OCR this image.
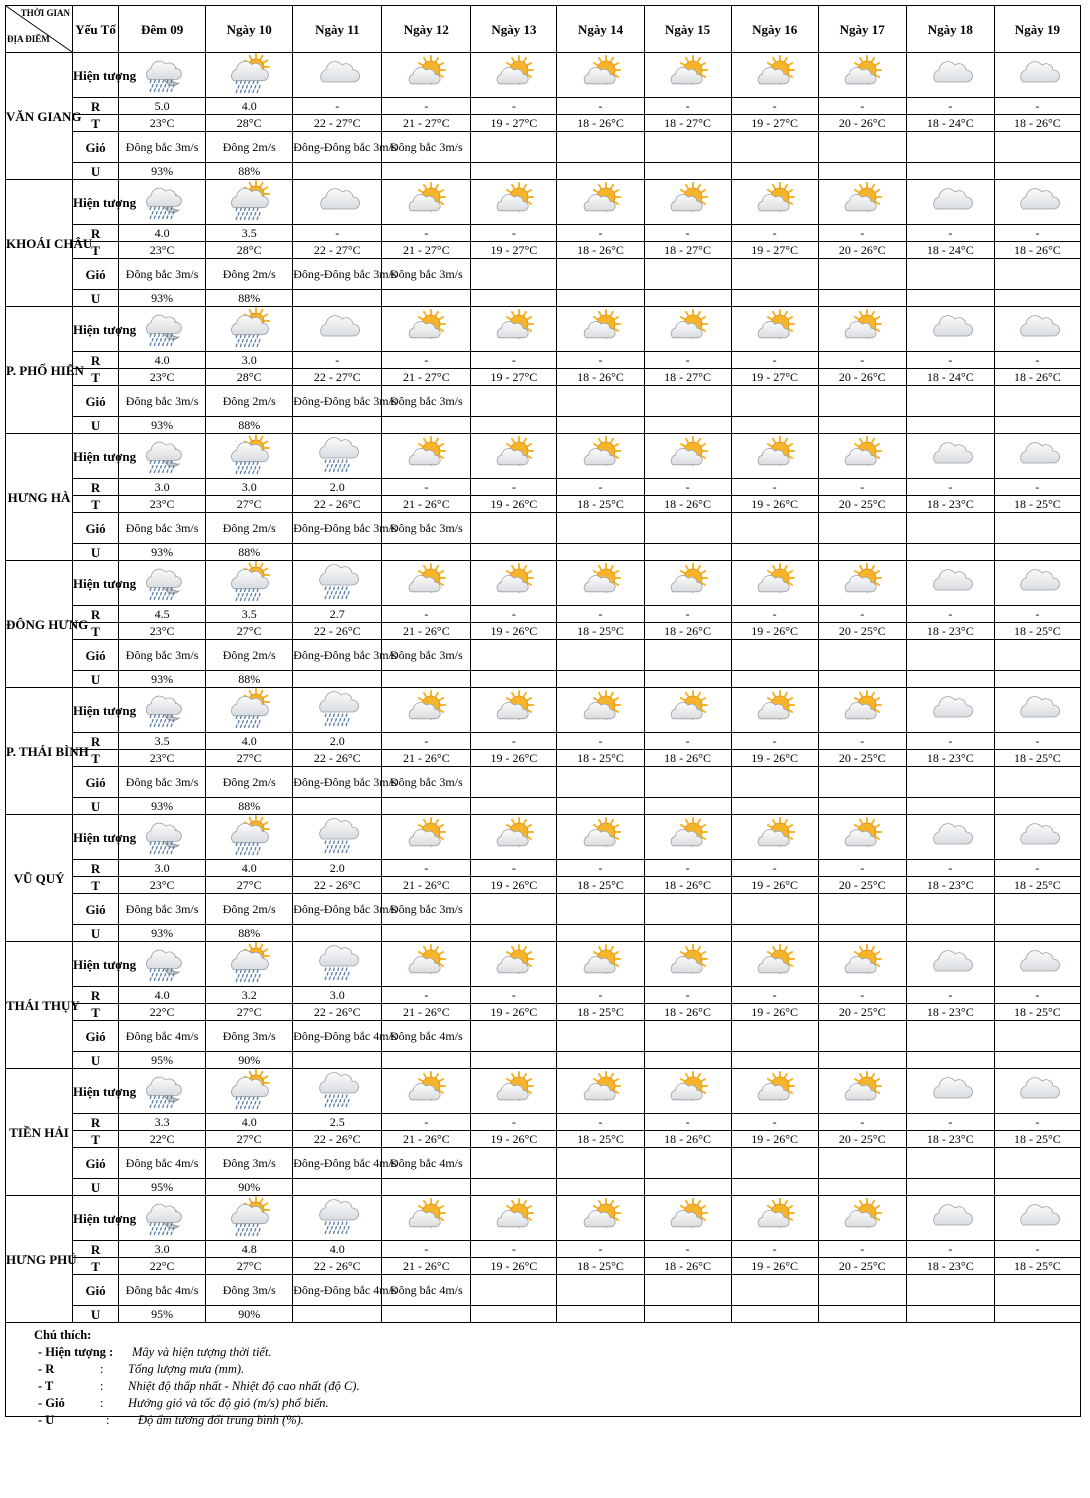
THỜI GIAN
ĐỊA ĐIỂM	Yếu Tố	Đêm 09	Ngày 10	Ngày 11	Ngày 12	Ngày 13	Ngày 14	Ngày 15	Ngày 16	Ngày 17	Ngày 18	Ngày 19
VĂN GIANG	Hiện tượng											
	R	5.0	4.0	-	-	-	-	-	-	-	-	-
	T	23°C	28°C	22 - 27°C	21 - 27°C	19 - 27°C	18 - 26°C	18 - 27°C	19 - 27°C	20 - 26°C	18 - 24°C	18 - 26°C
	Gió	Đông bắc 3m/s	Đông 2m/s	Đông-Đông bắc 3m/s	Đông bắc 3m/s							
	U	93%	88%									
KHOÁI CHÂU	Hiện tượng											
	R	4.0	3.5	-	-	-	-	-	-	-	-	-
	T	23°C	28°C	22 - 27°C	21 - 27°C	19 - 27°C	18 - 26°C	18 - 27°C	19 - 27°C	20 - 26°C	18 - 24°C	18 - 26°C
	Gió	Đông bắc 3m/s	Đông 2m/s	Đông-Đông bắc 3m/s	Đông bắc 3m/s							
	U	93%	88%									
P. PHỐ HIẾN	Hiện tượng											
	R	4.0	3.0	-	-	-	-	-	-	-	-	-
	T	23°C	28°C	22 - 27°C	21 - 27°C	19 - 27°C	18 - 26°C	18 - 27°C	19 - 27°C	20 - 26°C	18 - 24°C	18 - 26°C
	Gió	Đông bắc 3m/s	Đông 2m/s	Đông-Đông bắc 3m/s	Đông bắc 3m/s							
	U	93%	88%									
HƯNG HÀ	Hiện tượng											
	R	3.0	3.0	2.0	-	-	-	-	-	-	-	-
	T	23°C	27°C	22 - 26°C	21 - 26°C	19 - 26°C	18 - 25°C	18 - 26°C	19 - 26°C	20 - 25°C	18 - 23°C	18 - 25°C
	Gió	Đông bắc 3m/s	Đông 2m/s	Đông-Đông bắc 3m/s	Đông bắc 3m/s							
	U	93%	88%									
ĐÔNG HƯNG	Hiện tượng											
	R	4.5	3.5	2.7	-	-	-	-	-	-	-	-
	T	23°C	27°C	22 - 26°C	21 - 26°C	19 - 26°C	18 - 25°C	18 - 26°C	19 - 26°C	20 - 25°C	18 - 23°C	18 - 25°C
	Gió	Đông bắc 3m/s	Đông 2m/s	Đông-Đông bắc 3m/s	Đông bắc 3m/s							
	U	93%	88%									
P. THÁI BÌNH	Hiện tượng											
	R	3.5	4.0	2.0	-	-	-	-	-	-	-	-
	T	23°C	27°C	22 - 26°C	21 - 26°C	19 - 26°C	18 - 25°C	18 - 26°C	19 - 26°C	20 - 25°C	18 - 23°C	18 - 25°C
	Gió	Đông bắc 3m/s	Đông 2m/s	Đông-Đông bắc 3m/s	Đông bắc 3m/s							
	U	93%	88%									
VŨ QUÝ	Hiện tượng											
	R	3.0	4.0	2.0	-	-	-	-	-	-	-	-
	T	23°C	27°C	22 - 26°C	21 - 26°C	19 - 26°C	18 - 25°C	18 - 26°C	19 - 26°C	20 - 25°C	18 - 23°C	18 - 25°C
	Gió	Đông bắc 3m/s	Đông 2m/s	Đông-Đông bắc 3m/s	Đông bắc 3m/s							
	U	93%	88%									
THÁI THỤY	Hiện tượng											
	R	4.0	3.2	3.0	-	-	-	-	-	-	-	-
	T	22°C	27°C	22 - 26°C	21 - 26°C	19 - 26°C	18 - 25°C	18 - 26°C	19 - 26°C	20 - 25°C	18 - 23°C	18 - 25°C
	Gió	Đông bắc 4m/s	Đông 3m/s	Đông-Đông bắc 4m/s	Đông bắc 4m/s							
	U	95%	90%									
TIỀN HẢI	Hiện tượng											
	R	3.3	4.0	2.5	-	-	-	-	-	-	-	-
	T	22°C	27°C	22 - 26°C	21 - 26°C	19 - 26°C	18 - 25°C	18 - 26°C	19 - 26°C	20 - 25°C	18 - 23°C	18 - 25°C
	Gió	Đông bắc 4m/s	Đông 3m/s	Đông-Đông bắc 4m/s	Đông bắc 4m/s							
	U	95%	90%									
HƯNG PHÚ	Hiện tượng											
	R	3.0	4.8	4.0	-	-	-	-	-	-	-	-
	T	22°C	27°C	22 - 26°C	21 - 26°C	19 - 26°C	18 - 25°C	18 - 26°C	19 - 26°C	20 - 25°C	18 - 23°C	18 - 25°C
	Gió	Đông bắc 4m/s	Đông 3m/s	Đông-Đông bắc 4m/s	Đông bắc 4m/s							
	U	95%	90%									
Chú thích:
- Hiện tượng : Mây và hiện tượng thời tiết.
- R	: Tổng lượng mưa (mm).
- T	: Nhiệt độ thấp nhất - Nhiệt độ cao nhất (độ C).
- Gió	: Hướng gió và tốc độ gió (m/s) phổ biến.
- U	: Độ ẩm tương đối trung bình (%).
